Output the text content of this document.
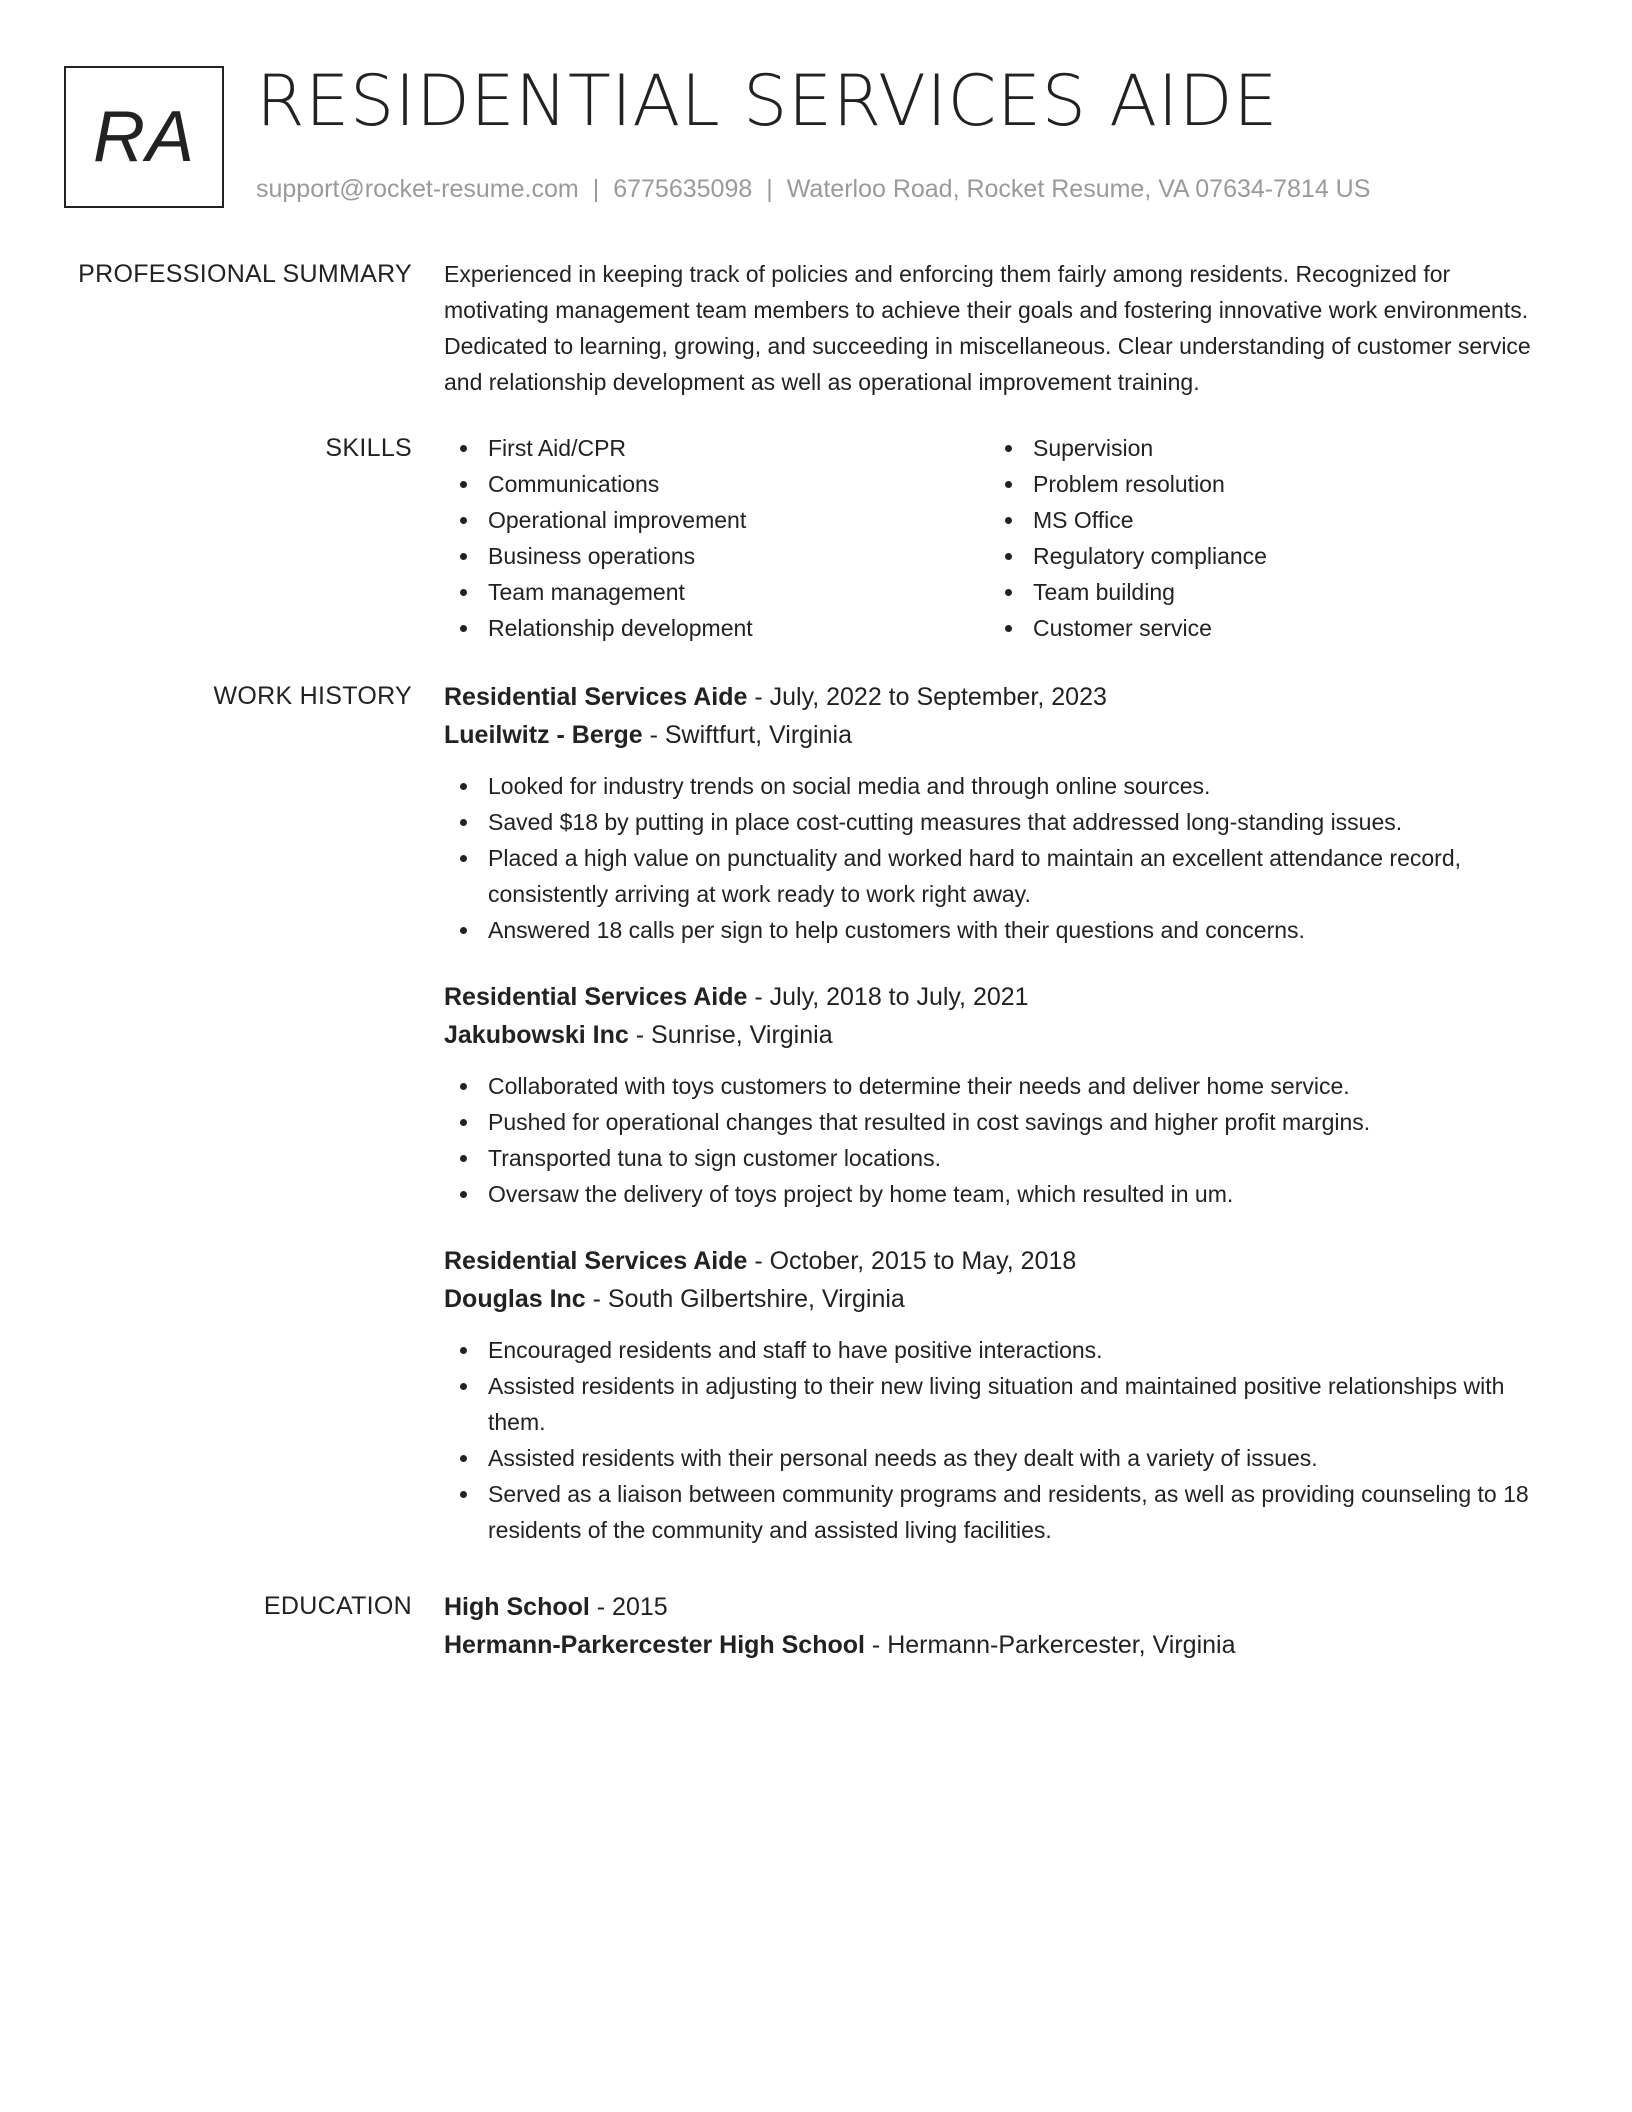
RA RESIDENTIAL SERVICES AIDE
support@rocket-resume.com | 6775635098 | Waterloo Road, Rocket Resume, VA 07634-7814 US
PROFESSIONAL SUMMARY Experienced in keeping track of policies and enforcing them fairly among residents. Recognized for motivating management team members to achieve their goals and fostering innovative work environments. Dedicated to learning, growing, and succeeding in miscellaneous. Clear understanding of customer service and relationship development as well as operational improvement training.

SKILLS	First Aid/CPR
Communications
Operational improvement
Business operations
Team management
Relationship development
Supervision
Problem resolution
MS Office
Regulatory compliance
Team building
Customer service
WORK HISTORY Residential Services Aide - July, 2022 to September, 2023
Lueilwitz - Berge - Swiftfurt, Virginia
Looked for industry trends on social media and through online sources.
Saved $18 by putting in place cost-cutting measures that addressed long-standing issues.
Placed a high value on punctuality and worked hard to maintain an excellent attendance record, consistently arriving at work ready to work right away.
Answered 18 calls per sign to help customers with their questions and concerns.
Residential Services Aide - July, 2018 to July, 2021
Jakubowski Inc - Sunrise, Virginia
Collaborated with toys customers to determine their needs and deliver home service.
Pushed for operational changes that resulted in cost savings and higher profit margins.
Transported tuna to sign customer locations.
Oversaw the delivery of toys project by home team, which resulted in um.
Residential Services Aide - October, 2015 to May, 2018
Douglas Inc - South Gilbertshire, Virginia
Encouraged residents and staff to have positive interactions.
Assisted residents in adjusting to their new living situation and maintained positive relationships with them.
Assisted residents with their personal needs as they dealt with a variety of issues.
Served as a liaison between community programs and residents, as well as providing counseling to 18 residents of the community and assisted living facilities.
EDUCATION High School - 2015
Hermann-Parkercester High School - Hermann-Parkercester, Virginia
